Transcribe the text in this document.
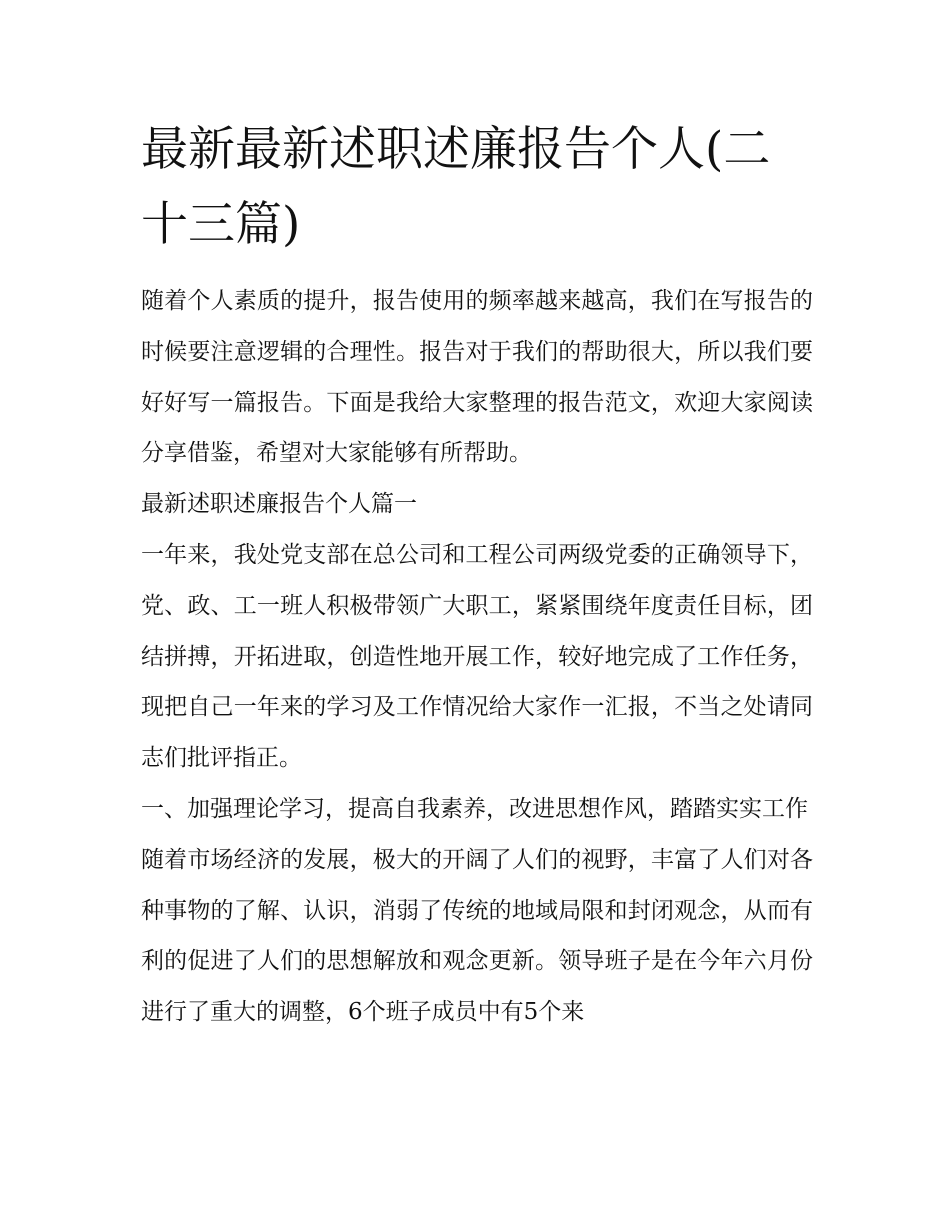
最新最新述职述廉报告个人(二十三篇)

随着个人素质的提升，报告使用的频率越来越高，我们在写报告的时候要注意逻辑的合理性。报告对于我们的帮助很大，所以我们要好好写一篇报告。下面是我给大家整理的报告范文，欢迎大家阅读分享借鉴，希望对大家能够有所帮助。

最新述职述廉报告个人篇一

一年来，我处党支部在总公司和工程公司两级党委的正确领导下，党、政、工一班人积极带领广大职工，紧紧围绕年度责任目标，团结拼搏，开拓进取，创造性地开展工作，较好地完成了工作任务，现把自己一年来的学习及工作情况给大家作一汇报，不当之处请同志们批评指正。

一、加强理论学习，提高自我素养，改进思想作风，踏踏实实工作

随着市场经济的发展，极大的开阔了人们的视野，丰富了人们对各种事物的了解、认识，消弱了传统的地域局限和封闭观念，从而有利的促进了人们的思想解放和观念更新。领导班子是在今年六月份进行了重大的调整，6个班子成员中有5个来
